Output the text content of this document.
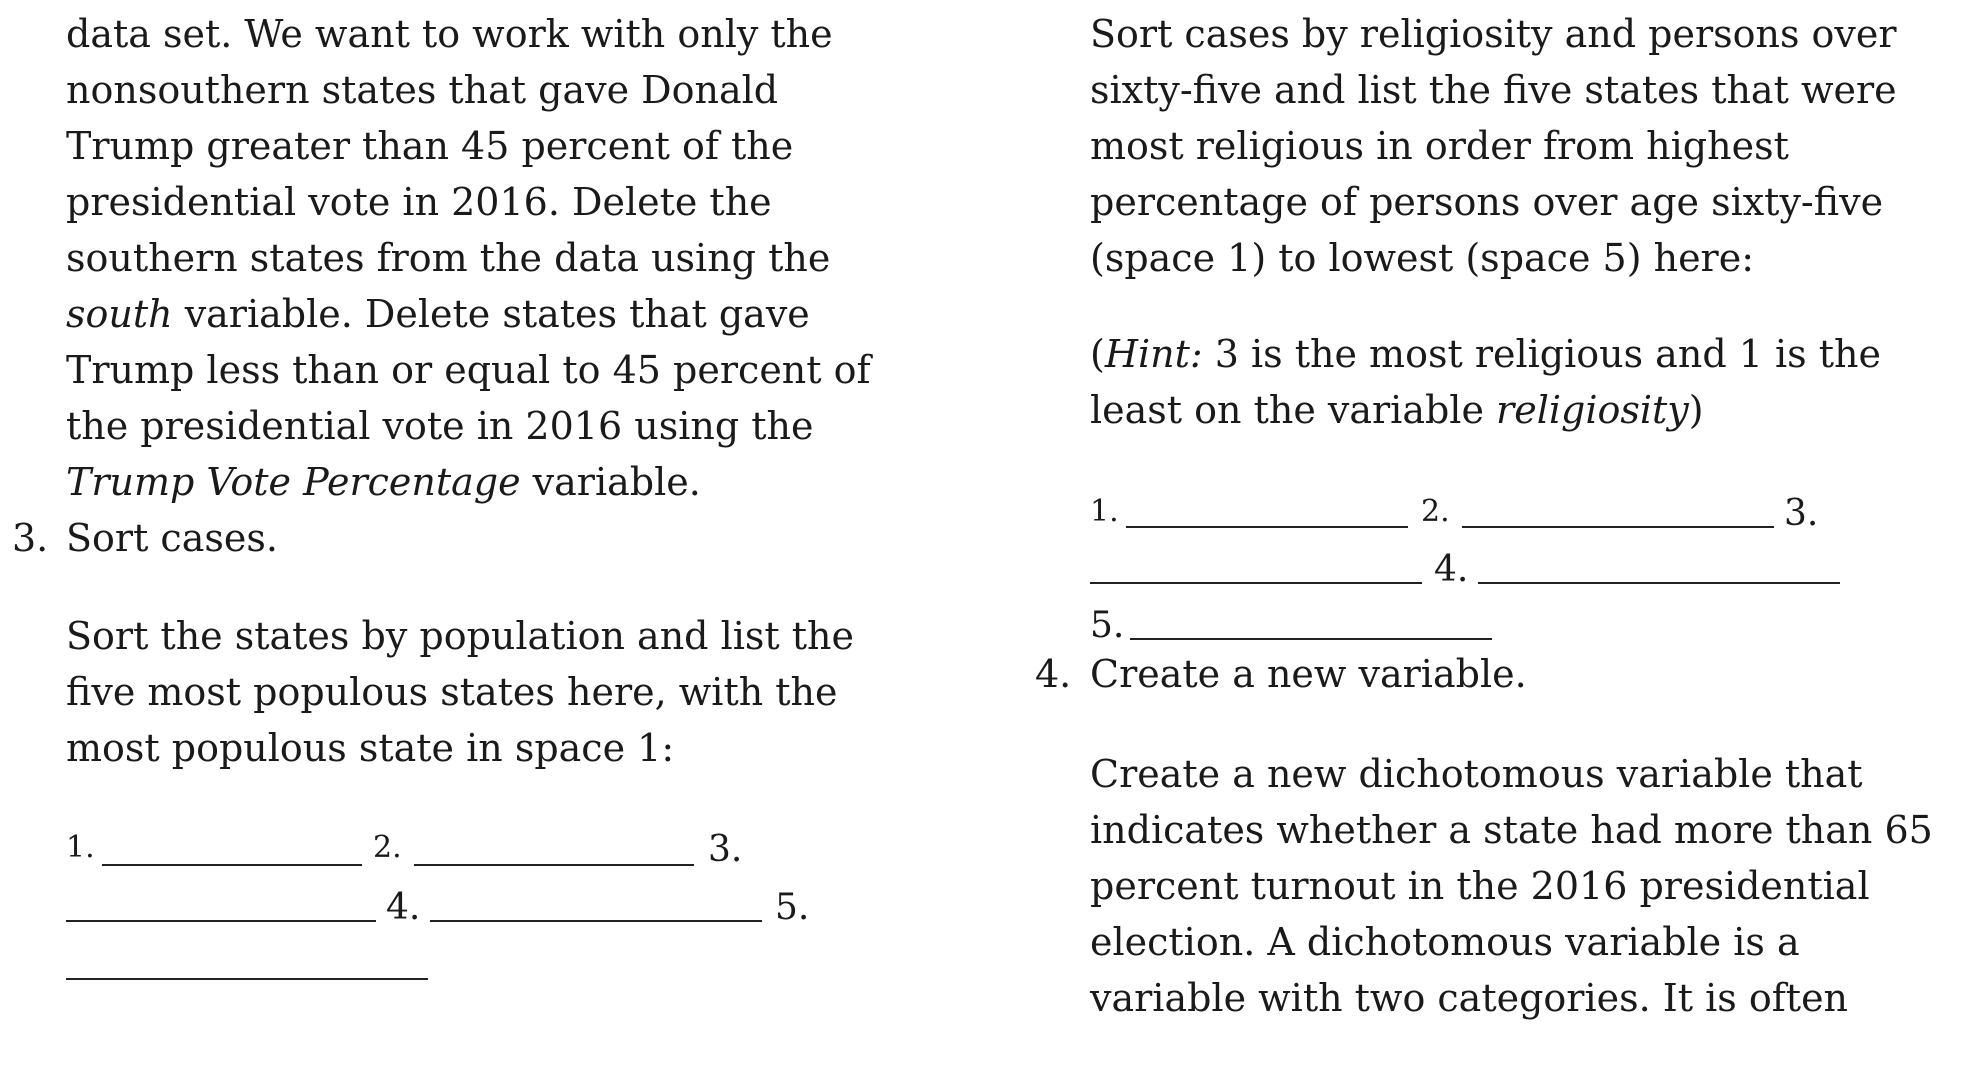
data set. We want to work with only the
nonsouthern states that gave Donald
Trump greater than 45 percent of the
presidential vote in 2016. Delete the
southern states from the data using the
south variable. Delete states that gave
Trump less than or equal to 45 percent of
the presidential vote in 2016 using the
Trump Vote Percentage variable.
3. Sort cases.
Sort the states by population and list the
five most populous states here, with the
most populous state in space 1:
1.	2.	3.
4.	5.
Sort cases by religiosity and persons over
sixty-five and list the five states that were
most religious in order from highest
percentage of persons over age sixty-five
(space 1) to lowest (space 5) here:
(Hint: 3 is the most religious and 1 is the
least on the variable religiosity)
1.	2.	3.
4.
5.
4. Create a new variable.
Create a new dichotomous variable that
indicates whether a state had more than 65
percent turnout in the 2016 presidential
election. A dichotomous variable is a
variable with two categories. It is often
